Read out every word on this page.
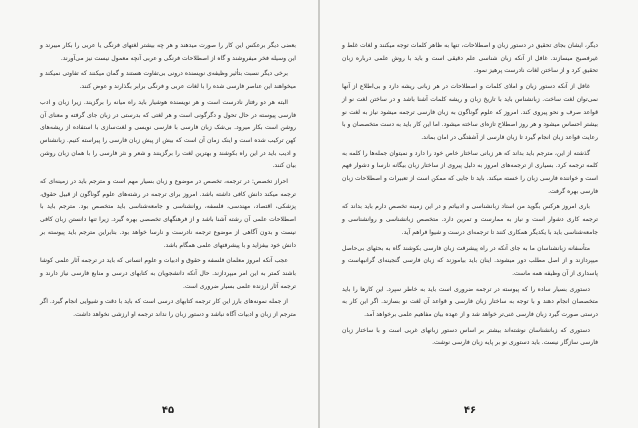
بعضی دیگر برعکس این کار را صورت میدهند و هر چه بیشتر لغتهای فرنگی یا عربی را بکار میبرند و این وسیله فخر میفروشند و گاه از اصطلاحات فرنگی و عربی آنچه معمول نیست نیز می‌آورند.

برخی دیگر نسبت بتأثیر وظیفه‌ی نویسنده درونی بی‌تفاوت هستند و گمان میکنند که تفاوتی نمیکند و میخواهند این عناصر فارسی شده را با لغات عربی و فرنگی برابر بگذارند و عوض کنند.

البته هر دو رفتار نادرست است و هر نویسنده هوشیار باید راه میانه را برگزیند. زیرا زبان و ادب فارسی پیوسته در حال تحول و دگرگونی است و هر لغتی که بدرستی در زبان جای گرفته و معنای آن روشن است بکار میرود. بی‌شک زبان فارسی با فارسی نویسی و لغت‌سازی با استفاده از ریشه‌های کهن ترکیب شده است و اینک زمان آن است که بیش از پیش زبان فارسی را پیراسته کنیم. زبانشناس و ادیب باید در این راه بکوشند و بهترین لغت را برگزینند و شعر و نثر فارسی را با همان زبان روشن بیان کنند.

احراز تخصص: در ترجمه، تخصص در موضوع و زبان بسیار مهم است و مترجم باید در زمینه‌ای که ترجمه میکند دانش کافی داشته باشد. امروز برای ترجمه در رشته‌های علوم گوناگون از قبیل حقوق، پزشکی، اقتصاد، مهندسی، فلسفه، روانشناسی و جامعه‌شناسی باید متخصص بود. مترجم باید با اصطلاحات علمی آن رشته آشنا باشد و از فرهنگهای تخصصی بهره گیرد. زیرا تنها دانستن زبان کافی نیست و بدون آگاهی از موضوع ترجمه نادرست و نارسا خواهد بود. بنابراین مترجم باید پیوسته بر دانش خود بیفزاید و با پیشرفتهای علمی همگام باشد.

عجب آنکه امروز معلمان فلسفه و حقوق و ادبیات و علوم انسانی که باید در ترجمه آثار علمی کوشا باشند کمتر به این امر میپردازند. حال آنکه دانشجویان به کتابهای درسی و منابع فارسی نیاز دارند و ترجمه آثار ارزنده علمی بسیار ضروری است.

از جمله نمونه‌های بارز این کار ترجمه کتابهای درسی است که باید با دقت و شیوایی انجام گیرد. اگر مترجم از زبان و ادبیات آگاه نباشد و دستور زبان را نداند ترجمه او ارزشی نخواهد داشت.

۴۵

دیگر، ایشان بجای تحقیق در دستور زبان و اصطلاحات، تنها به ظاهر کلمات توجه میکنند و لغات غلط و غیرفصیح میسازند. غافل از آنکه زبان شناسی علم دقیقی است و باید با روش علمی درباره زبان تحقیق کرد و از ساختن لغات نادرست پرهیز نمود.

غافل از آنکه دستور زبان و املای کلمات و اصطلاحات در هر زبانی ریشه دارد و بی‌اطلاع از آنها نمی‌توان لغت ساخت. زبانشناس باید با تاریخ زبان و ریشه کلمات آشنا باشد و در ساختن لغت نو از قواعد صرف و نحو پیروی کند. امروز که علوم گوناگون به زبان فارسی ترجمه میشود نیاز به لغت نو بیشتر احساس میشود و هر روز اصطلاح تازه‌ای ساخته میشود. اما این کار باید به دست متخصصان و با رعایت قواعد زبان انجام گیرد تا زبان فارسی از آشفتگی در امان بماند.

گذشته از این، مترجم باید بداند که هر زبانی ساختار خاص خود را دارد و نمیتوان جمله‌ها را کلمه به کلمه ترجمه کرد. بسیاری از ترجمه‌های امروز به دلیل پیروی از ساختار زبان بیگانه نارسا و دشوار فهم است و خواننده فارسی زبان را خسته میکند. باید تا جایی که ممکن است از تعبیرات و اصطلاحات زبان فارسی بهره گرفت.

باری امروز هرکس بگوید من استاد زبانشناسی و ادبیاتم و در این زمینه تخصص دارم باید بداند که ترجمه کاری دشوار است و نیاز به ممارست و تمرین دارد. متخصص زبانشناسی و روانشناسی و جامعه‌شناسی باید با یکدیگر همکاری کنند تا ترجمه‌ای درست و شیوا فراهم آید.

متأسفانه زبانشناسان ما به جای آنکه در راه پیشرفت زبان فارسی بکوشند گاه به بحثهای بی‌حاصل میپردازند و از اصل مطلب دور میشوند. اینان باید بیاموزند که زبان فارسی گنجینه‌ای گرانبهاست و پاسداری از آن وظیفه همه ماست.

دستوری بسیار ساده را که پیوسته در ترجمه ضروری است باید به خاطر سپرد. این کارها را باید متخصصان انجام دهند و با توجه به ساختار زبان فارسی و قواعد آن لغت نو بسازند. اگر این کار به درستی صورت گیرد زبان فارسی غنی‌تر خواهد شد و از عهده بیان مفاهیم علمی برخواهد آمد.

دستوری که زبانشناسان نوشته‌اند بیشتر بر اساس دستور زبانهای غربی است و با ساختار زبان فارسی سازگار نیست. باید دستوری نو بر پایه زبان فارسی نوشت.

۴۶
